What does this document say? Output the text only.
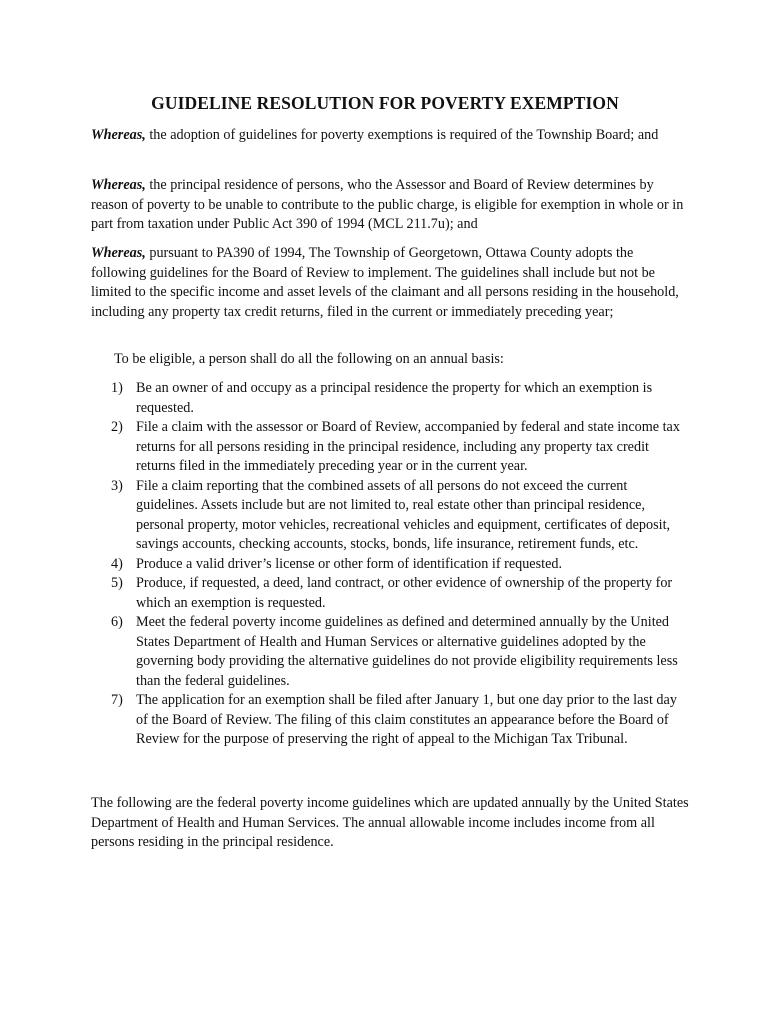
GUIDELINE RESOLUTION FOR POVERTY EXEMPTION

Whereas, the adoption of guidelines for poverty exemptions is required of the Township Board; and

Whereas, the principal residence of persons, who the Assessor and Board of Review determines by reason of poverty to be unable to contribute to the public charge, is eligible for exemption in whole or in part from taxation under Public Act 390 of 1994 (MCL 211.7u); and

Whereas, pursuant to PA390 of 1994, The Township of Georgetown, Ottawa County adopts the following guidelines for the Board of Review to implement. The guidelines shall include but not be limited to the specific income and asset levels of the claimant and all persons residing in the household, including any property tax credit returns, filed in the current or immediately preceding year;

To be eligible, a person shall do all the following on an annual basis:

1) Be an owner of and occupy as a principal residence the property for which an exemption is requested.
2) File a claim with the assessor or Board of Review, accompanied by federal and state income tax returns for all persons residing in the principal residence, including any property tax credit returns filed in the immediately preceding year or in the current year.
3) File a claim reporting that the combined assets of all persons do not exceed the current guidelines. Assets include but are not limited to, real estate other than principal residence, personal property, motor vehicles, recreational vehicles and equipment, certificates of deposit, savings accounts, checking accounts, stocks, bonds, life insurance, retirement funds, etc.
4) Produce a valid driver’s license or other form of identification if requested.
5) Produce, if requested, a deed, land contract, or other evidence of ownership of the property for which an exemption is requested.
6) Meet the federal poverty income guidelines as defined and determined annually by the United States Department of Health and Human Services or alternative guidelines adopted by the governing body providing the alternative guidelines do not provide eligibility requirements less than the federal guidelines.
7) The application for an exemption shall be filed after January 1, but one day prior to the last day of the Board of Review. The filing of this claim constitutes an appearance before the Board of Review for the purpose of preserving the right of appeal to the Michigan Tax Tribunal.

The following are the federal poverty income guidelines which are updated annually by the United States Department of Health and Human Services. The annual allowable income includes income from all persons residing in the principal residence.
